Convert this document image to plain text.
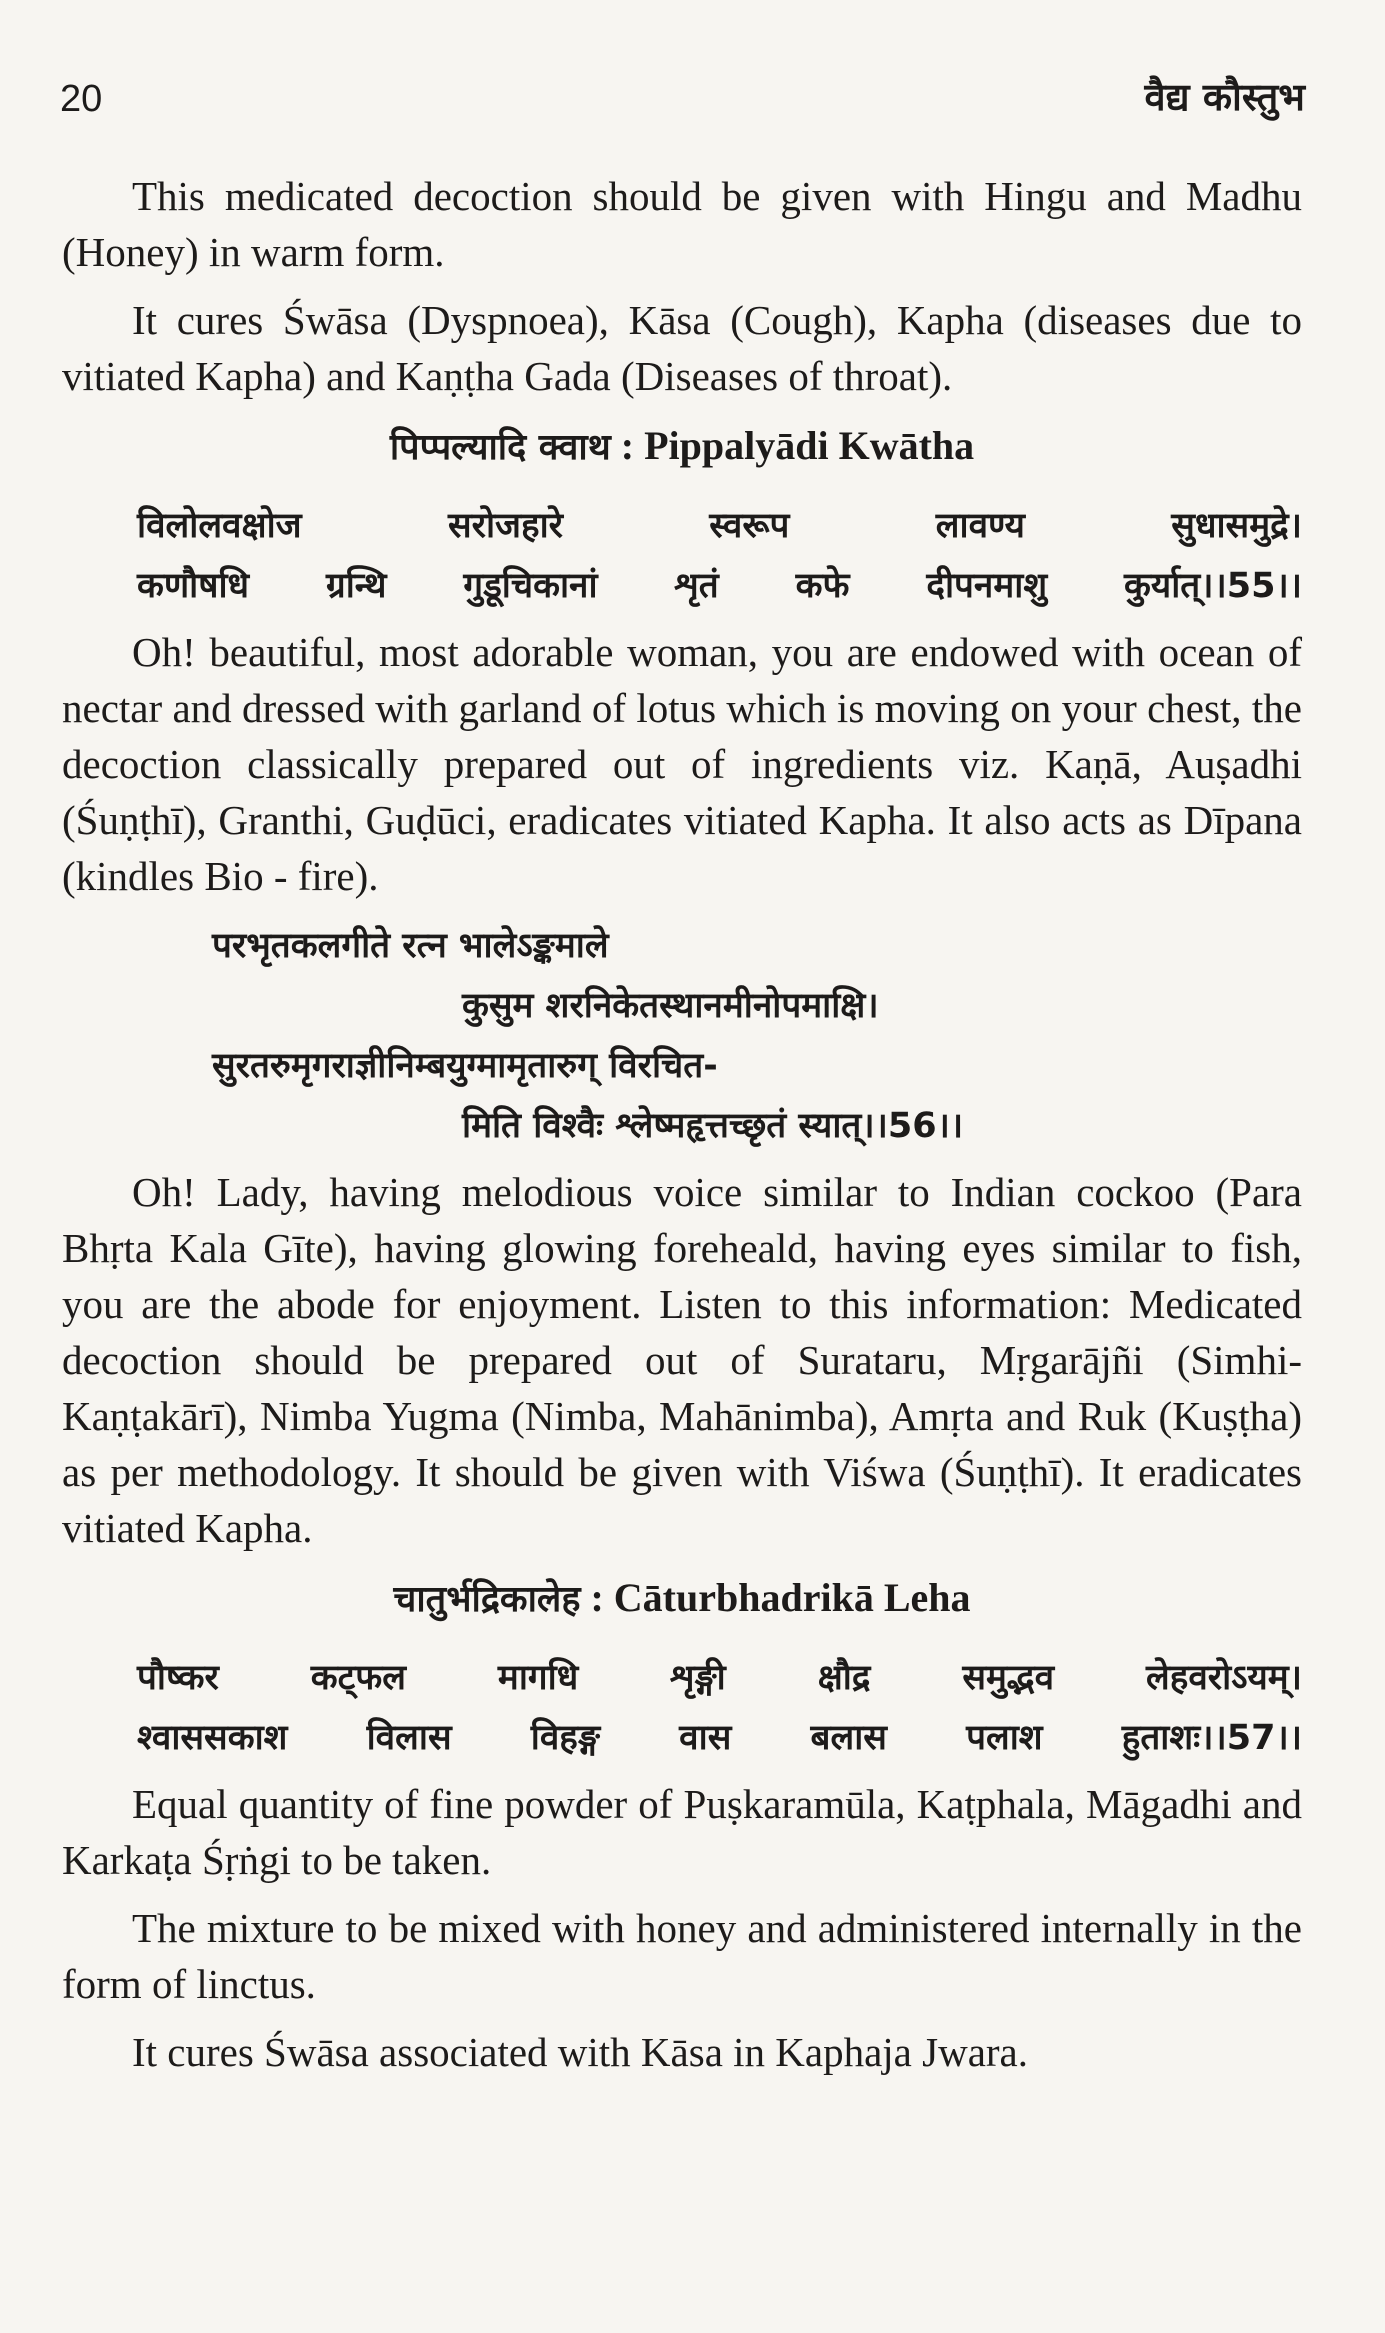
20	वैद्य कौस्तुभ

This medicated decoction should be given with Hingu and Madhu (Honey) in warm form.

It cures Śwāsa (Dyspnoea), Kāsa (Cough), Kapha (diseases due to vitiated Kapha) and Kaṇṭha Gada (Diseases of throat).

पिप्पल्यादि क्वाथ : Pippalyādi Kwātha
विलोलवक्षोज सरोजहारे स्वरूप लावण्य सुधासमुद्रे।
कणौषधि ग्रन्थि गुडूचिकानां शृतं कफे दीपनमाशु कुर्यात्।।55।।

Oh! beautiful, most adorable woman, you are endowed with ocean of nectar and dressed with garland of lotus which is moving on your chest, the decoction classically prepared out of ingredients viz. Kaṇā, Auṣadhi (Śuṇṭhī), Granthi, Guḍūci, eradicates vitiated Kapha. It also acts as Dīpana (kindles Bio - fire).

परभृतकलगीते रत्न भालेऽङ्कमाले
कुसुम शरनिकेतस्थानमीनोपमाक्षि।
सुरतरुमृगराज्ञीनिम्बयुग्मामृतारुग् विरचित-
मिति विश्वैः श्लेष्महृत्तच्छृतं स्यात्।।56।।

Oh! Lady, having melodious voice similar to Indian cockoo (Para Bhṛta Kala Gīte), having glowing foreheald, having eyes similar to fish, you are the abode for enjoyment. Listen to this information: Medicated decoction should be prepared out of Surataru, Mṛgarājñi (Simhi-Kaṇṭakārī), Nimba Yugma (Nimba, Mahānimba), Amṛta and Ruk (Kuṣṭha) as per methodology. It should be given with Viśwa (Śuṇṭhī). It eradicates vitiated Kapha.

चातुर्भद्रिकालेह : Cāturbhadrikā Leha
पौष्कर कट्फल मागधि शृङ्गी क्षौद्र समुद्भव लेहवरोऽयम्।
श्वाससकाश विलास विहङ्ग वास बलास पलाश हुताशः।।57।।

Equal quantity of fine powder of Puṣkaramūla, Kaṭphala, Māgadhi and Karkaṭa Śṛṅgi to be taken.

The mixture to be mixed with honey and administered internally in the form of linctus.

It cures Śwāsa associated with Kāsa in Kaphaja Jwara.
